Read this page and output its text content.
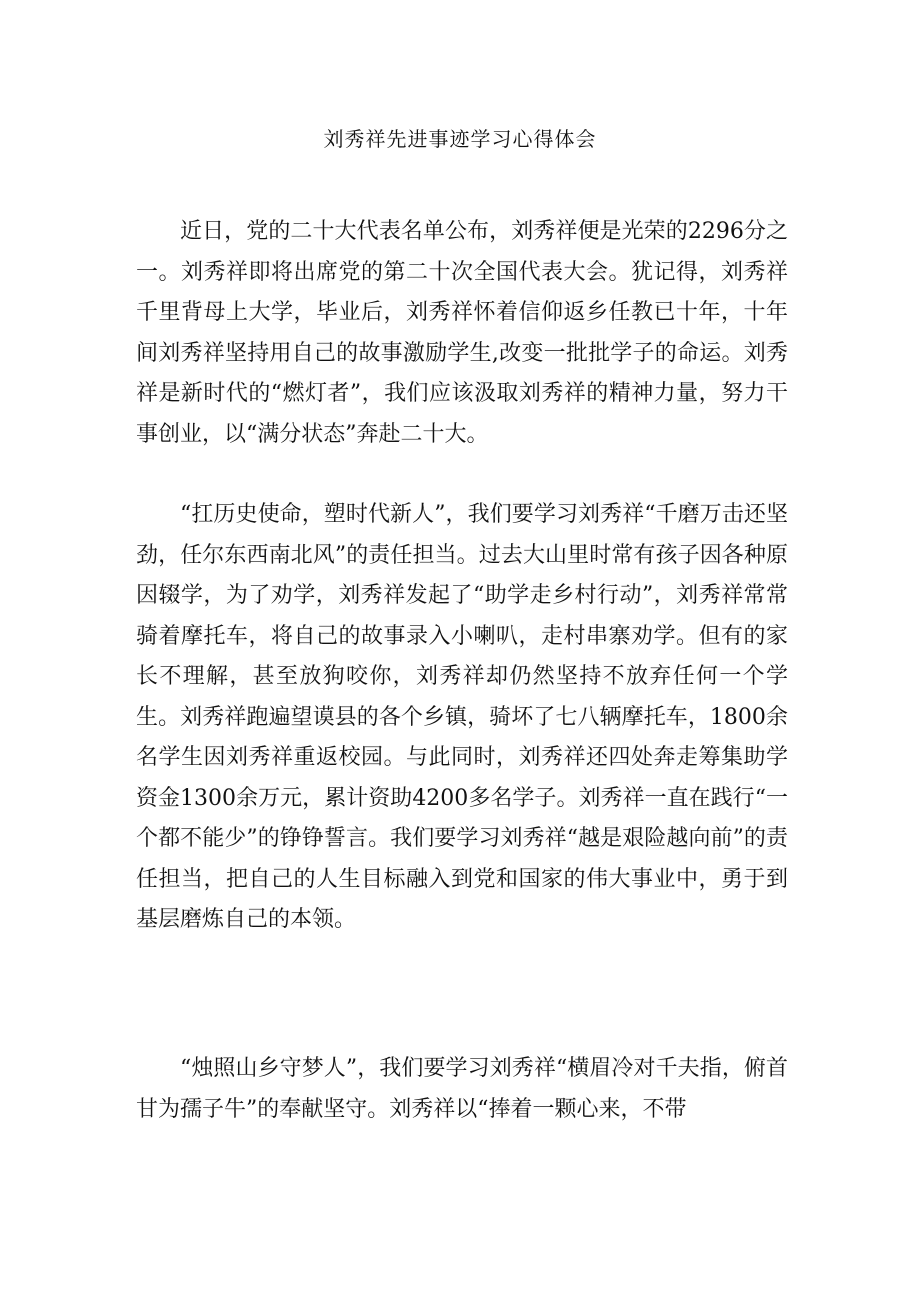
刘秀祥先进事迹学习心得体会

近日，党的二十大代表名单公布，刘秀祥便是光荣的2296分之一。刘秀祥即将出席党的第二十次全国代表大会。犹记得，刘秀祥千里背母上大学，毕业后，刘秀祥怀着信仰返乡任教已十年，十年间刘秀祥坚持用自己的故事激励学生,改变一批批学子的命运。刘秀祥是新时代的“燃灯者”，我们应该汲取刘秀祥的精神力量，努力干事创业，以“满分状态”奔赴二十大。

“扛历史使命，塑时代新人”，我们要学习刘秀祥“千磨万击还坚劲，任尔东西南北风”的责任担当。过去大山里时常有孩子因各种原因辍学，为了劝学，刘秀祥发起了“助学走乡村行动”，刘秀祥常常骑着摩托车，将自己的故事录入小喇叭，走村串寨劝学。但有的家长不理解，甚至放狗咬你，刘秀祥却仍然坚持不放弃任何一个学生。刘秀祥跑遍望谟县的各个乡镇，骑坏了七八辆摩托车，1800余名学生因刘秀祥重返校园。与此同时，刘秀祥还四处奔走筹集助学资金1300余万元，累计资助4200多名学子。刘秀祥一直在践行“一个都不能少”的铮铮誓言。我们要学习刘秀祥“越是艰险越向前”的责任担当，把自己的人生目标融入到党和国家的伟大事业中，勇于到基层磨炼自己的本领。

“烛照山乡守梦人”，我们要学习刘秀祥“横眉冷对千夫指，俯首甘为孺子牛”的奉献坚守。刘秀祥以“捧着一颗心来，不带
